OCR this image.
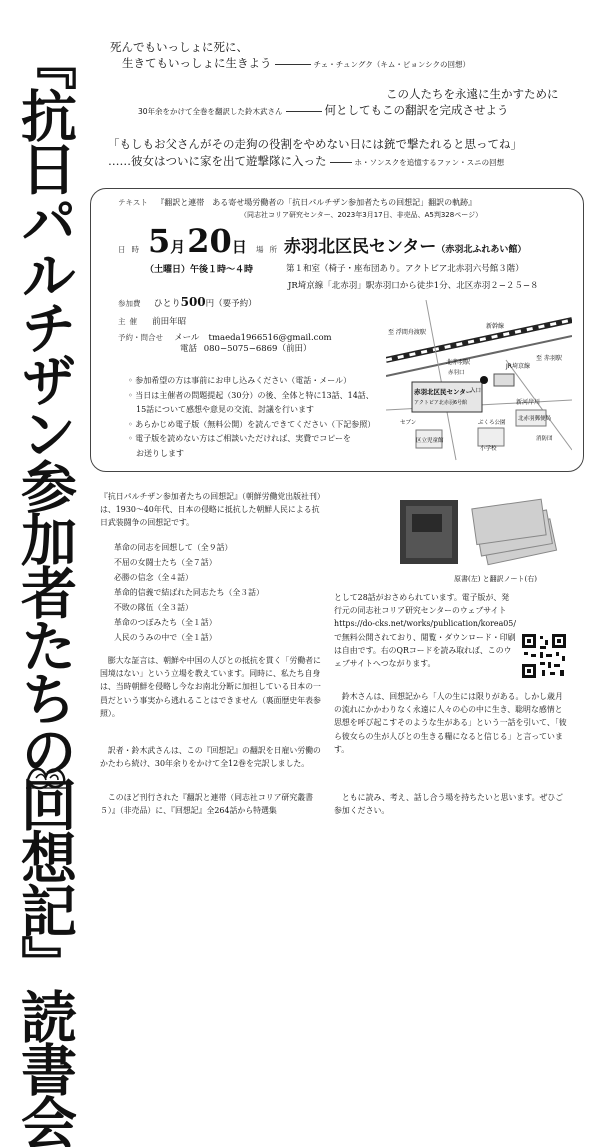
『抗日パルチザン参加者たちの回想記』読書会	死んでもいっしょに死に、
生きてもいっしょに生きよう	チェ・チュングク（キム・ビョンシクの回想）
この人たちを永遠に生かすために
30年余をかけて全巻を翻訳した鈴木武さん	何としてもこの翻訳を完成させよう
「もしもお父さんがその走狗の役割をやめない日には銃で撃たれると思ってね」
……彼女はついに家を出て遊撃隊に入った	ホ・ソンスクを追憶するファン・スニの回想
テキスト 『翻訳と連帯　ある寄せ場労働者の「抗日パルチザン参加者たちの回想記」翻訳の軌跡』
（同志社コリア研究センター、2023年3月17日、非売品、A5判328ページ）
日時 5月20日
（土曜日）午後１時〜４時
場所 赤羽北区民センター（赤羽北ふれあい館）
第１和室（椅子・座布団あり。アクトピア北赤羽六号館３階）
JR埼京線「北赤羽」駅赤羽口から徒歩1分、北区赤羽２−２５−８
参加費 ひとり500円（要予約）
主催 前田年昭
予約・問合せ メール tmaeda1966516@gmail.com
電話 080−5075−6869（前田）
◦ 参加希望の方は事前にお申し込みください（電話・メール）
◦ 当日は主催者の問題提起（30分）の後、全体と特に13話、14話、
　15話について感想や意見の交流、討議を行います
◦ あらかじめ電子版（無料公開）を読んできてください（下記参照）
◦ 電子版を読めない方はご相談いただければ、実費でコピーを
　お送りします
至 浮間舟渡駅
新幹線
至 赤羽駅
JR埼京線
北赤羽駅
赤羽口
入口
赤羽北区民センター
アクトピア北赤羽6号館	新河岸川
ぶくろ公園
北赤羽郵便局
区立児童館	消防団
セブン
小学校
『抗日パルチザン参加者たちの回想記』（朝鮮労働党出版社刊）は、1930〜40年代、日本の侵略に抵抗した朝鮮人民による抗日武装闘争の回想記です。
革命の同志を回想して（全９話）
不屈の女闘士たち（全７話）
必勝の信念（全４話）
革命的信義で結ばれた同志たち（全３話）
不敗の隊伍（全３話）
革命のつぼみたち（全１話）
人民のうみの中で（全１話）
膨大な証言は、朝鮮や中国の人びとの抵抗を貫く「労働者に国境はない」という立場を教えています。同時に、私たち自身は、当時朝鮮を侵略し今なお南北分断に加担している日本の一員だという事実から逃れることはできません（裏面歴史年表参照）。
訳者・鈴木武さんは、この『回想記』の翻訳を日雇い労働のかたわら続け、30年余りをかけて全12巻を完訳しました。
このほど刊行された『翻訳と連帯（同志社コリア研究叢書５）』（非売品）に、『回想記』全264話から特選集
原書(左) と翻訳ノート(右)
として28話がおさめられています。電子版が、発行元の同志社コリア研究センターのウェブサイト https://do-cks.net/works/publication/korea05/ で無料公開されており、閲覧・ダウンロード・印刷は自由です。右のQRコードを読み取れば、このウェブサイトへつながります。
鈴木さんは、回想記から「人の生には限りがある。しかし歳月の流れにかかわりなく永遠に人々の心の中に生き、聡明な感情と思想を呼び起こすそのような生がある」という一話を引いて、「彼ら彼女らの生が人びとの生きる糧になると信じる」と言っています。
ともに読み、考え、話し合う場を持ちたいと思います。ぜひご参加ください。
